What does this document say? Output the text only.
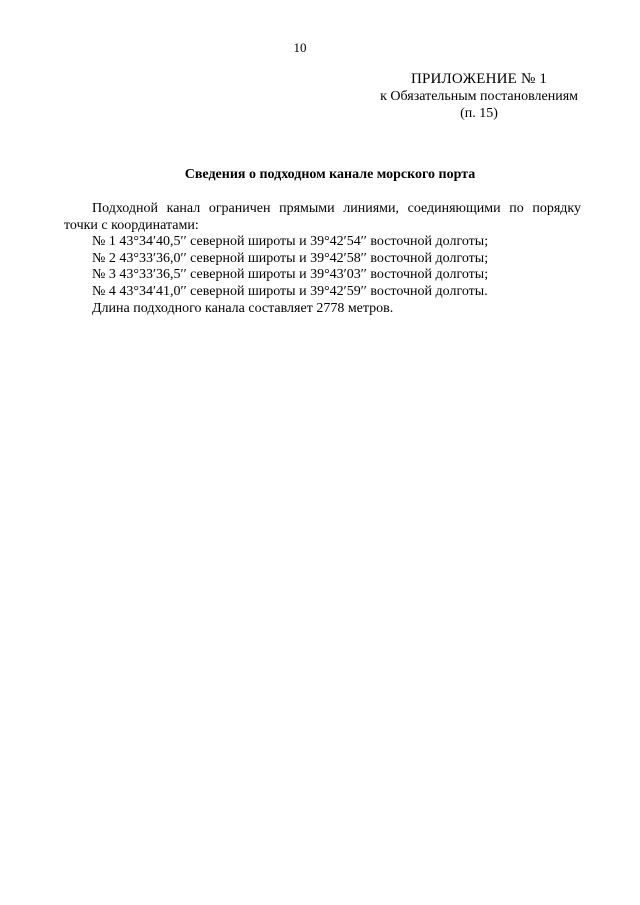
10
ПРИЛОЖЕНИЕ № 1
к Обязательным постановлениям
(п. 15)
Сведения о подходном канале морского порта

Подходной канал ограничен прямыми линиями, соединяющими по порядку
точки с координатами:

№ 1 43°34′40,5′′ северной широты и 39°42′54′′ восточной долготы;
№ 2 43°33′36,0′′ северной широты и 39°42′58′′ восточной долготы;
№ 3 43°33′36,5′′ северной широты и 39°43′03′′ восточной долготы;
№ 4 43°34′41,0′′ северной широты и 39°42′59′′ восточной долготы.
Длина подходного канала составляет 2778 метров.
